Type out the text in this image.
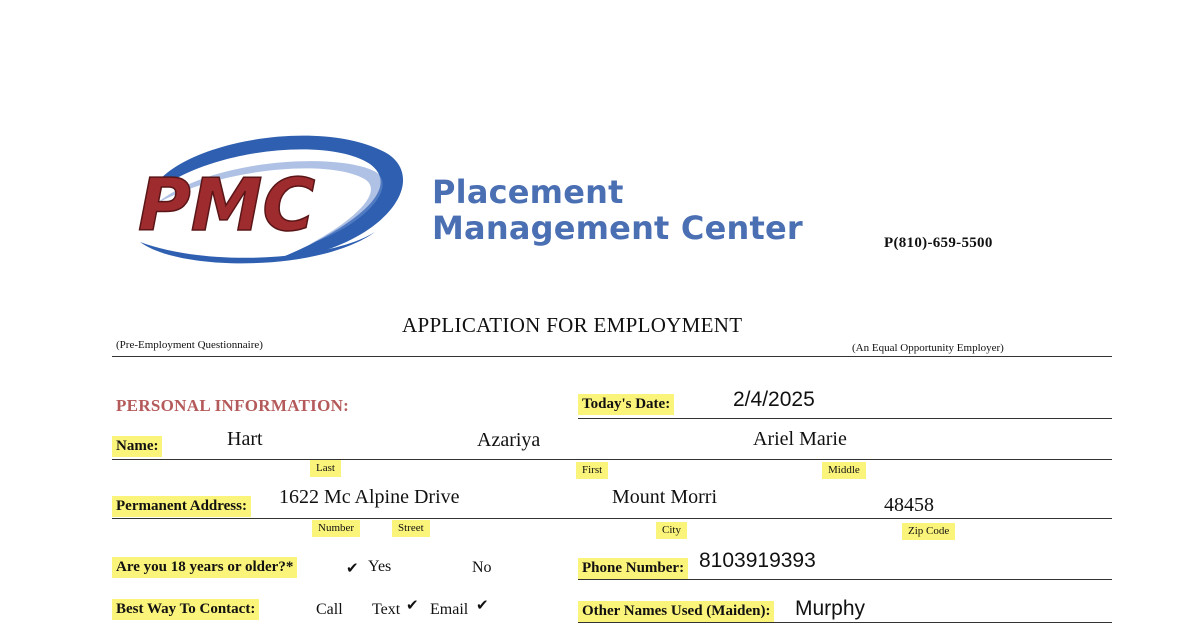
PMC	Placement
Management Center	P(810)-659-5500
APPLICATION FOR EMPLOYMENT
(Pre-Employment Questionnaire)	(An Equal Opportunity Employer)
PERSONAL INFORMATION:	Today's Date:	2/4/2025
Name:	Hart	Azariya	Ariel Marie
Last	First	Middle
Permanent Address: 1622 Mc Alpine Drive	Mount Morri	48458
Number	Street	City	Zip Code
Are you 18 years or older?*	✔ Yes	No	Phone Number: 8103919393
Best Way To Contact:	Call Text ✔ Email ✔	Other Names Used (Maiden): Murphy
